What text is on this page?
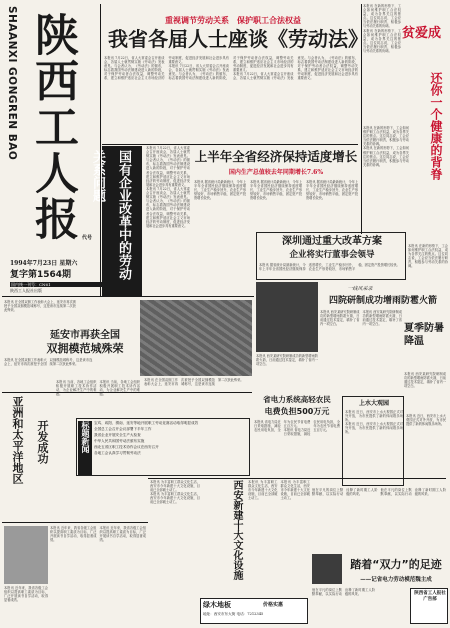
SHAANXI GONGREN BAO 陕西工人报 代号
1994年7月23日 星期六
复字第1564期
国内统一刊号：CN61
陕西工人报社出版
重视调节劳动关系　保护职工合法权益
我省各届人士座谈《劳动法》

本报讯 7月22日，省人大常委会召开座谈会，各届人士就贯彻实施《劳动法》发表意见。与会者认为，《劳动法》的颁布，标志着我国劳动法制建设进入新的阶段，对于保护劳动者合法权益，调整劳动关系，建立和维护适应社会主义市场经济的劳动制度，促进经济发展和社会进步具有重要意义。

本报讯 7月22日，省人大常委会召开座谈会，各届人士就贯彻实施《劳动法》发表意见。与会者认为，《劳动法》的颁布，标志着我国劳动法制建设进入新的阶段，对于保护劳动者合法权益，调整劳动关系，建立和维护适应社会主义市场经济的劳动制度，促进经济发展和社会进步具有重要意义。

本报讯 7月22日，省人大常委会召开座谈会，各届人士就贯彻实施《劳动法》发表意见。与会者认为，《劳动法》的颁布，标志着我国劳动法制建设进入新的阶段，对于保护劳动者合法权益，调整劳动关系，建立和维护适应社会主义市场经济的劳动制度，促进经济发展和社会进步具有重要意义。

本报讯 在新的形势下，工会如何维护职工合法权益，成为各界关注的焦点。这位同志说，工会应当依法履行职责，积极参与劳动关系的协调。

本报讯 在新的形势下，工会如何维护职工合法权益，成为各界关注的焦点。这位同志说，工会应当依法履行职责，积极参与劳动关系的协调。

贫爱成
还你一个健康的背脊

本报讯 在新的形势下，工会如何维护职工合法权益，成为各界关注的焦点。这位同志说，工会应当依法履行职责，积极参与劳动关系的协调。

本报讯 在新的形势下，工会如何维护职工合法权益，成为各界关注的焦点。这位同志说，工会应当依法履行职责，积极参与劳动关系的协调。

国有企业改革中的劳动关系问题

本报讯 7月22日，省人大常委会召开座谈会，各届人士就贯彻实施《劳动法》发表意见。与会者认为，《劳动法》的颁布，标志着我国劳动法制建设进入新的阶段，对于保护劳动者合法权益，调整劳动关系，建立和维护适应社会主义市场经济的劳动制度，促进经济发展和社会进步具有重要意义。

本报讯 7月22日，省人大常委会召开座谈会，各届人士就贯彻实施《劳动法》发表意见。与会者认为，《劳动法》的颁布，标志着我国劳动法制建设进入新的阶段，对于保护劳动者合法权益，调整劳动关系，建立和维护适应社会主义市场经济的劳动制度，促进经济发展和社会进步具有重要意义。

上半年全省经济保持适度增长
国内生产总值较去年同期增长7.6%

本报讯 据省统计局最新统计，今年上半年全省国民经济继续保持适度增长，工业生产稳步回升，农业生产形势较好，市场销售平稳，固定资产投资增长较快。

本报讯 据省统计局最新统计，今年上半年全省国民经济继续保持适度增长，工业生产稳步回升，农业生产形势较好，市场销售平稳，固定资产投资增长较快。

本报讯 据省统计局最新统计，今年上半年全省国民经济继续保持适度增长，工业生产稳步回升，农业生产形势较好，市场销售平稳，固定资产投资增长较快。

深圳通过重大改革方案
企业将实行董事会领导

本报讯 据省统计局最新统计，今年上半年全省国民经济继续保持适度增长，工业生产稳步回升，农业生产形势较好，市场销售平稳，固定资产投资增长较快。

本报讯 在新的形势下，工会如何维护职工合法权益，成为各界关注的焦点。这位同志说，工会应当依法履行职责，积极参与劳动关系的协调。

一线风采录
四院研制成功增雨防雹火箭

本报讯 西安某研究院研制成功的新型增雨防雹火箭，日前通过技术鉴定，填补了省内一项空白。

本报讯 西安某研究院研制成功的新型增雨防雹火箭，日前通过技术鉴定，填补了省内一项空白。	夏季防暑降温

本报讯 西安某研究院研制成功的新型增雨防雹火箭，日前通过技术鉴定，填补了省内一项空白。

本报讯 西安某研究院研制成功的新型增雨防雹火箭，日前通过技术鉴定，填补了省内一项空白。

本报讯 在全国双拥工作表彰大会上，延安市再次被授予全国双拥模范城称号，这是该市连续第二次获此殊荣。

延安市再获全国
双拥模范城殊荣

本报讯 在全国双拥工作表彰大会上，延安市再次被授予全国双拥模范城称号，这是该市连续第二次获此殊荣。

亚洲和太平洋地区	开发成功

本报讯 当前，各地工会组织积极开展职工技术协作活动，为企业解决生产中的难题。

本报讯 当前，各地工会组织积极开展职工技术协作活动，为企业解决生产中的难题。

本报讯 在全国双拥工作表彰大会上，延安市再次被授予全国双拥模范城称号，这是该市连续第二次获此殊荣。

标题新闻	宝鸡、咸阳、渭南、延安等地开展职工劳动竞赛活动取得明显成效
全国总工会召开会议部署下半年工作
我省企业开展安全生产大检查
中华人民共和国劳动法颁布实施
西北五省区职工技术协作会议在西安召开
各地工会认真学习贯彻劳动法
省电力系统高轻农民
电费负担500万元

本报讯 省电力局近日采取措施，减轻农民用电负担，全年为农民节省电费五百万元。

本报讯 省电力局近日采取措施，减轻农民用电负担，全年为农民节省电费五百万元。

上水大观园

本报讯 近日，西安市上水大观园正式对外开放，为市民提供了新的休闲娱乐场所。

本报讯 近日，西安市上水大观园正式对外开放，为市民提供了新的休闲娱乐场所。

本报讯 近日，西安市上水大观园正式对外开放，为市民提供了新的休闲娱乐场所。

本报讯 近年来，我省各级工会组织以提高职工素质为目标，广泛开展读书自学活动，取得显著成绩。

本报讯 近年来，我省各级工会组织以提高职工素质为目标，广泛开展读书自学活动，取得显著成绩。

本报讯 近年来，我省各级工会组织以提高职工素质为目标，广泛开展读书自学活动，取得显著成绩。

本报讯 为丰富职工群众文化生活，西安市今年新建十大文化设施，目前已全部破土动工。

本报讯 为丰富职工群众文化生活，西安市今年新建十大文化设施，目前已全部破土动工。	西安新建十大文化设施	本报讯 为丰富职工群众文化生活，西安市今年新建十大文化设施，目前已全部破土动工。

本报讯 为丰富职工群众文化生活，西安市今年新建十大文化设施，目前已全部破土动工。

他在平凡的岗位上默默奉献，以实际行动诠释了新时期工人阶级的风采。

他在平凡的岗位上默默奉献，以实际行动诠释了新时期工人阶级的风采。

踏着“双力”的足迹
——记省电力劳动模范魏主成

他在平凡的岗位上默默奉献，以实际行动诠释了新时期工人阶级的风采。

绿木地板	价格实惠
地址：西安市东大街 电话：7212345
陕西省工人报社广告部
